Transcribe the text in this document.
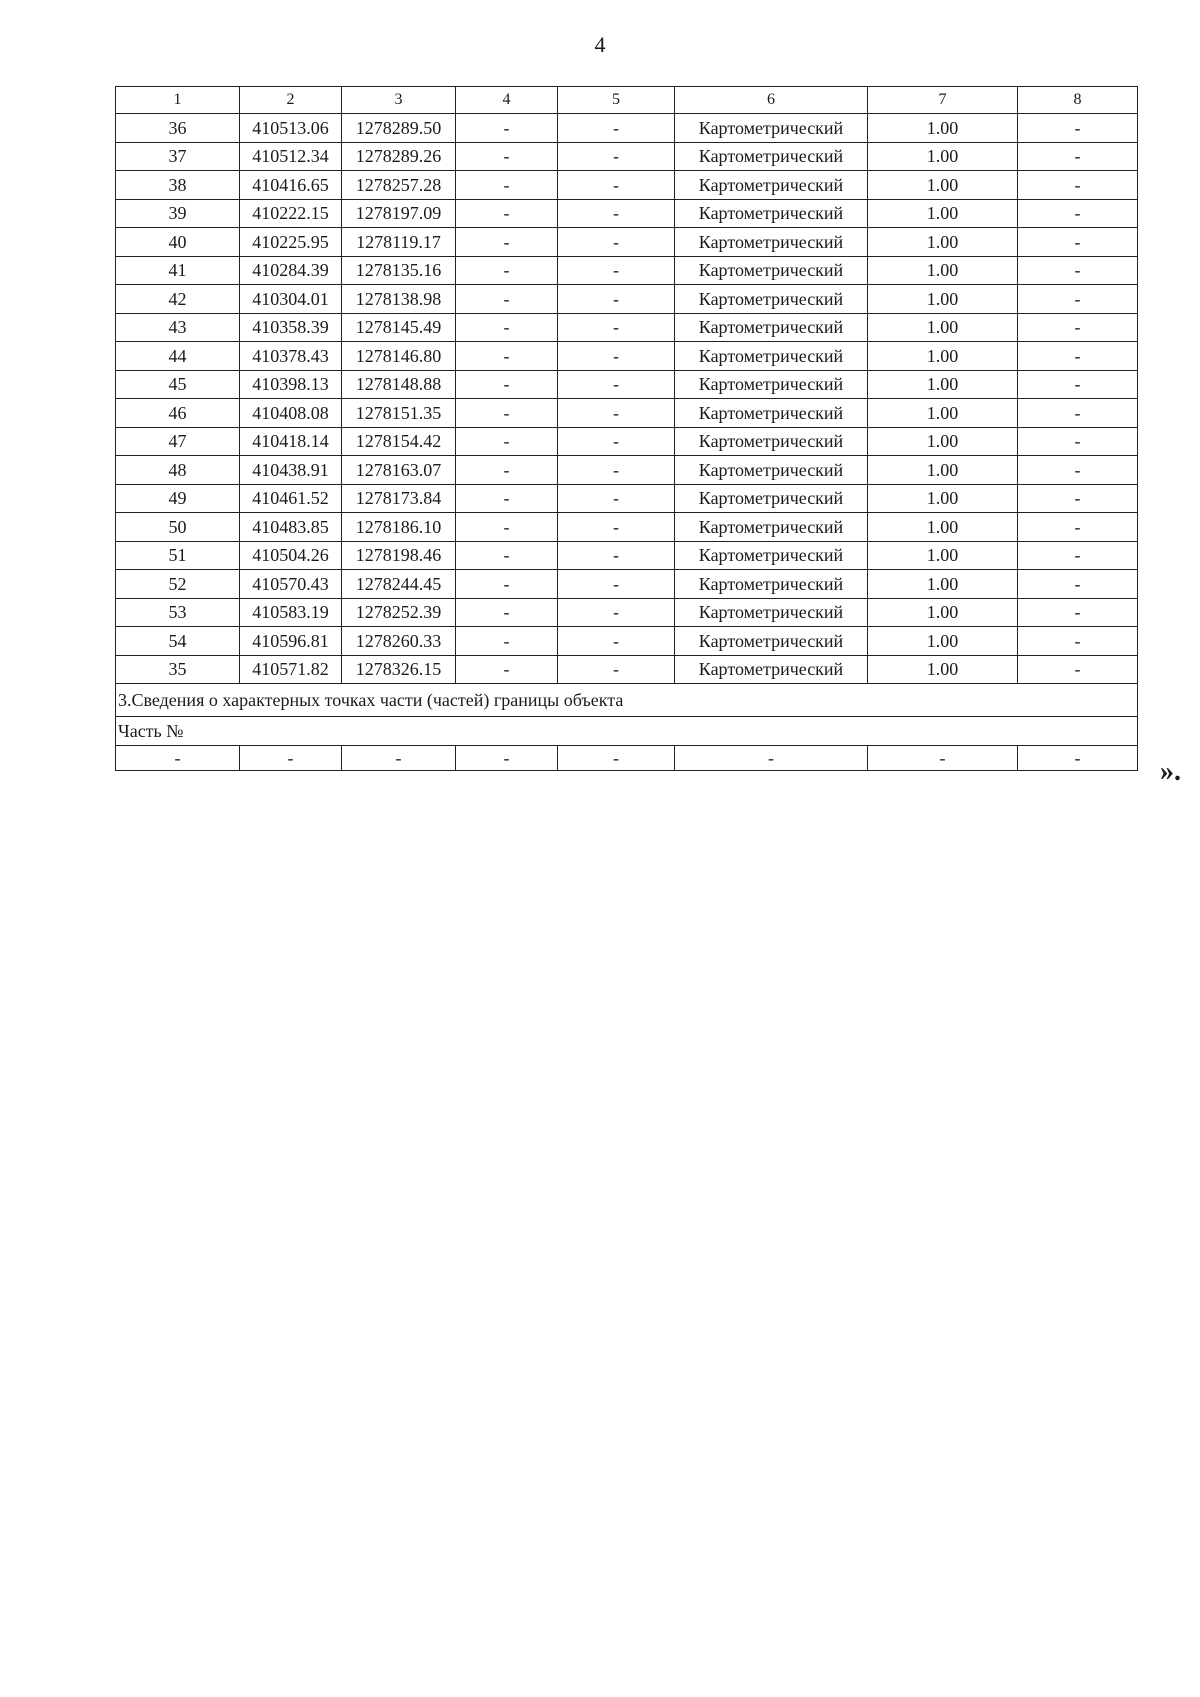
4
1	2	3	4	5	6	7	8
36	410513.06	1278289.50	-	-	Картометрический	1.00	-
37	410512.34	1278289.26	-	-	Картометрический	1.00	-
38	410416.65	1278257.28	-	-	Картометрический	1.00	-
39	410222.15	1278197.09	-	-	Картометрический	1.00	-
40	410225.95	1278119.17	-	-	Картометрический	1.00	-
41	410284.39	1278135.16	-	-	Картометрический	1.00	-
42	410304.01	1278138.98	-	-	Картометрический	1.00	-
43	410358.39	1278145.49	-	-	Картометрический	1.00	-
44	410378.43	1278146.80	-	-	Картометрический	1.00	-
45	410398.13	1278148.88	-	-	Картометрический	1.00	-
46	410408.08	1278151.35	-	-	Картометрический	1.00	-
47	410418.14	1278154.42	-	-	Картометрический	1.00	-
48	410438.91	1278163.07	-	-	Картометрический	1.00	-
49	410461.52	1278173.84	-	-	Картометрический	1.00	-
50	410483.85	1278186.10	-	-	Картометрический	1.00	-
51	410504.26	1278198.46	-	-	Картометрический	1.00	-
52	410570.43	1278244.45	-	-	Картометрический	1.00	-
53	410583.19	1278252.39	-	-	Картометрический	1.00	-
54	410596.81	1278260.33	-	-	Картометрический	1.00	-
35	410571.82	1278326.15	-	-	Картометрический	1.00	-
3.Сведения о характерных точках части (частей) границы объекта							
Часть №							
-	-	-	-	-	-	-	-	».
